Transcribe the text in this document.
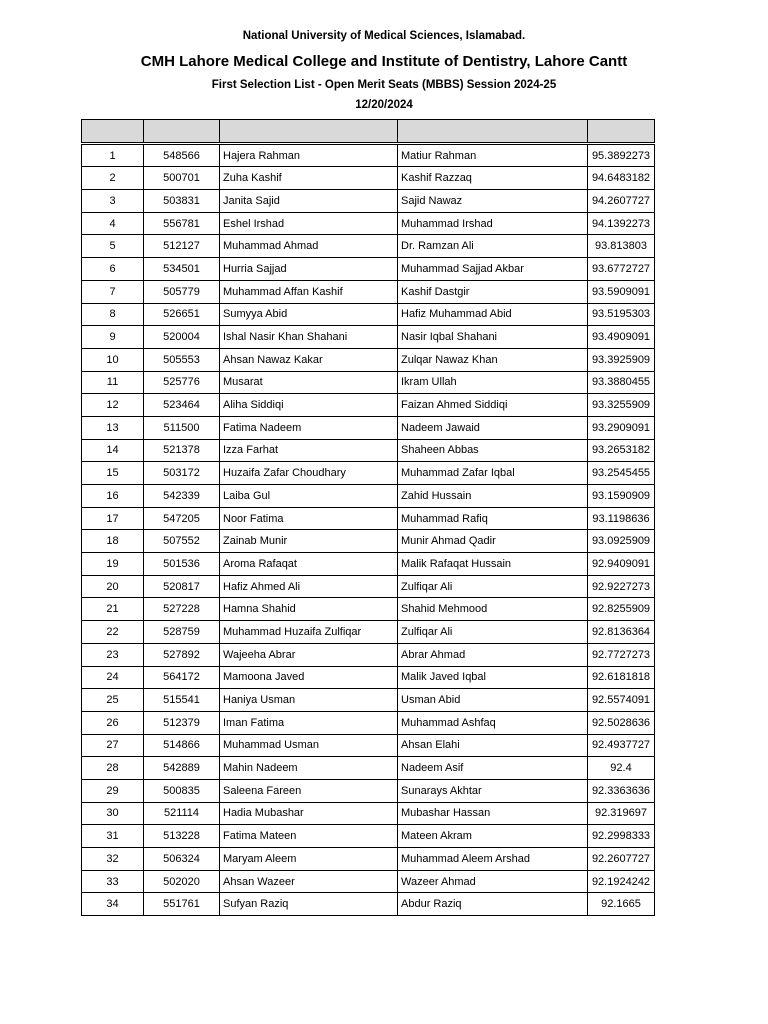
National University of Medical Sciences, Islamabad.
CMH Lahore Medical College and Institute of Dentistry, Lahore Cantt
First Selection List - Open Merit Seats (MBBS) Session 2024-25
12/20/2024

1	548566	Hajera Rahman	Matiur Rahman	95.3892273
2	500701	Zuha Kashif	Kashif Razzaq	94.6483182
3	503831	Janita Sajid	Sajid Nawaz	94.2607727
4	556781	Eshel Irshad	Muhammad Irshad	94.1392273
5	512127	Muhammad Ahmad	Dr. Ramzan Ali	93.813803
6	534501	Hurria Sajjad	Muhammad Sajjad Akbar	93.6772727
7	505779	Muhammad Affan Kashif	Kashif Dastgir	93.5909091
8	526651	Sumyya Abid	Hafiz Muhammad Abid	93.5195303
9	520004	Ishal Nasir Khan Shahani	Nasir Iqbal Shahani	93.4909091
10	505553	Ahsan Nawaz Kakar	Zulqar Nawaz Khan	93.3925909
11	525776	Musarat	Ikram Ullah	93.3880455
12	523464	Aliha Siddiqi	Faizan Ahmed Siddiqi	93.3255909
13	511500	Fatima Nadeem	Nadeem Jawaid	93.2909091
14	521378	Izza Farhat	Shaheen Abbas	93.2653182
15	503172	Huzaifa Zafar Choudhary	Muhammad Zafar Iqbal	93.2545455
16	542339	Laiba Gul	Zahid Hussain	93.1590909
17	547205	Noor Fatima	Muhammad Rafiq	93.1198636
18	507552	Zainab Munir	Munir Ahmad Qadir	93.0925909
19	501536	Aroma Rafaqat	Malik Rafaqat Hussain	92.9409091
20	520817	Hafiz Ahmed Ali	Zulfiqar Ali	92.9227273
21	527228	Hamna Shahid	Shahid Mehmood	92.8255909
22	528759	Muhammad Huzaifa Zulfiqar	Zulfiqar Ali	92.8136364
23	527892	Wajeeha Abrar	Abrar Ahmad	92.7727273
24	564172	Mamoona Javed	Malik Javed Iqbal	92.6181818
25	515541	Haniya Usman	Usman Abid	92.5574091
26	512379	Iman Fatima	Muhammad Ashfaq	92.5028636
27	514866	Muhammad Usman	Ahsan Elahi	92.4937727
28	542889	Mahin Nadeem	Nadeem Asif	92.4
29	500835	Saleena Fareen	Sunarays Akhtar	92.3363636
30	521114	Hadia Mubashar	Mubashar Hassan	92.319697
31	513228	Fatima Mateen	Mateen Akram	92.2998333
32	506324	Maryam Aleem	Muhammad Aleem Arshad	92.2607727
33	502020	Ahsan Wazeer	Wazeer Ahmad	92.1924242
34	551761	Sufyan Raziq	Abdur Raziq	92.1665
